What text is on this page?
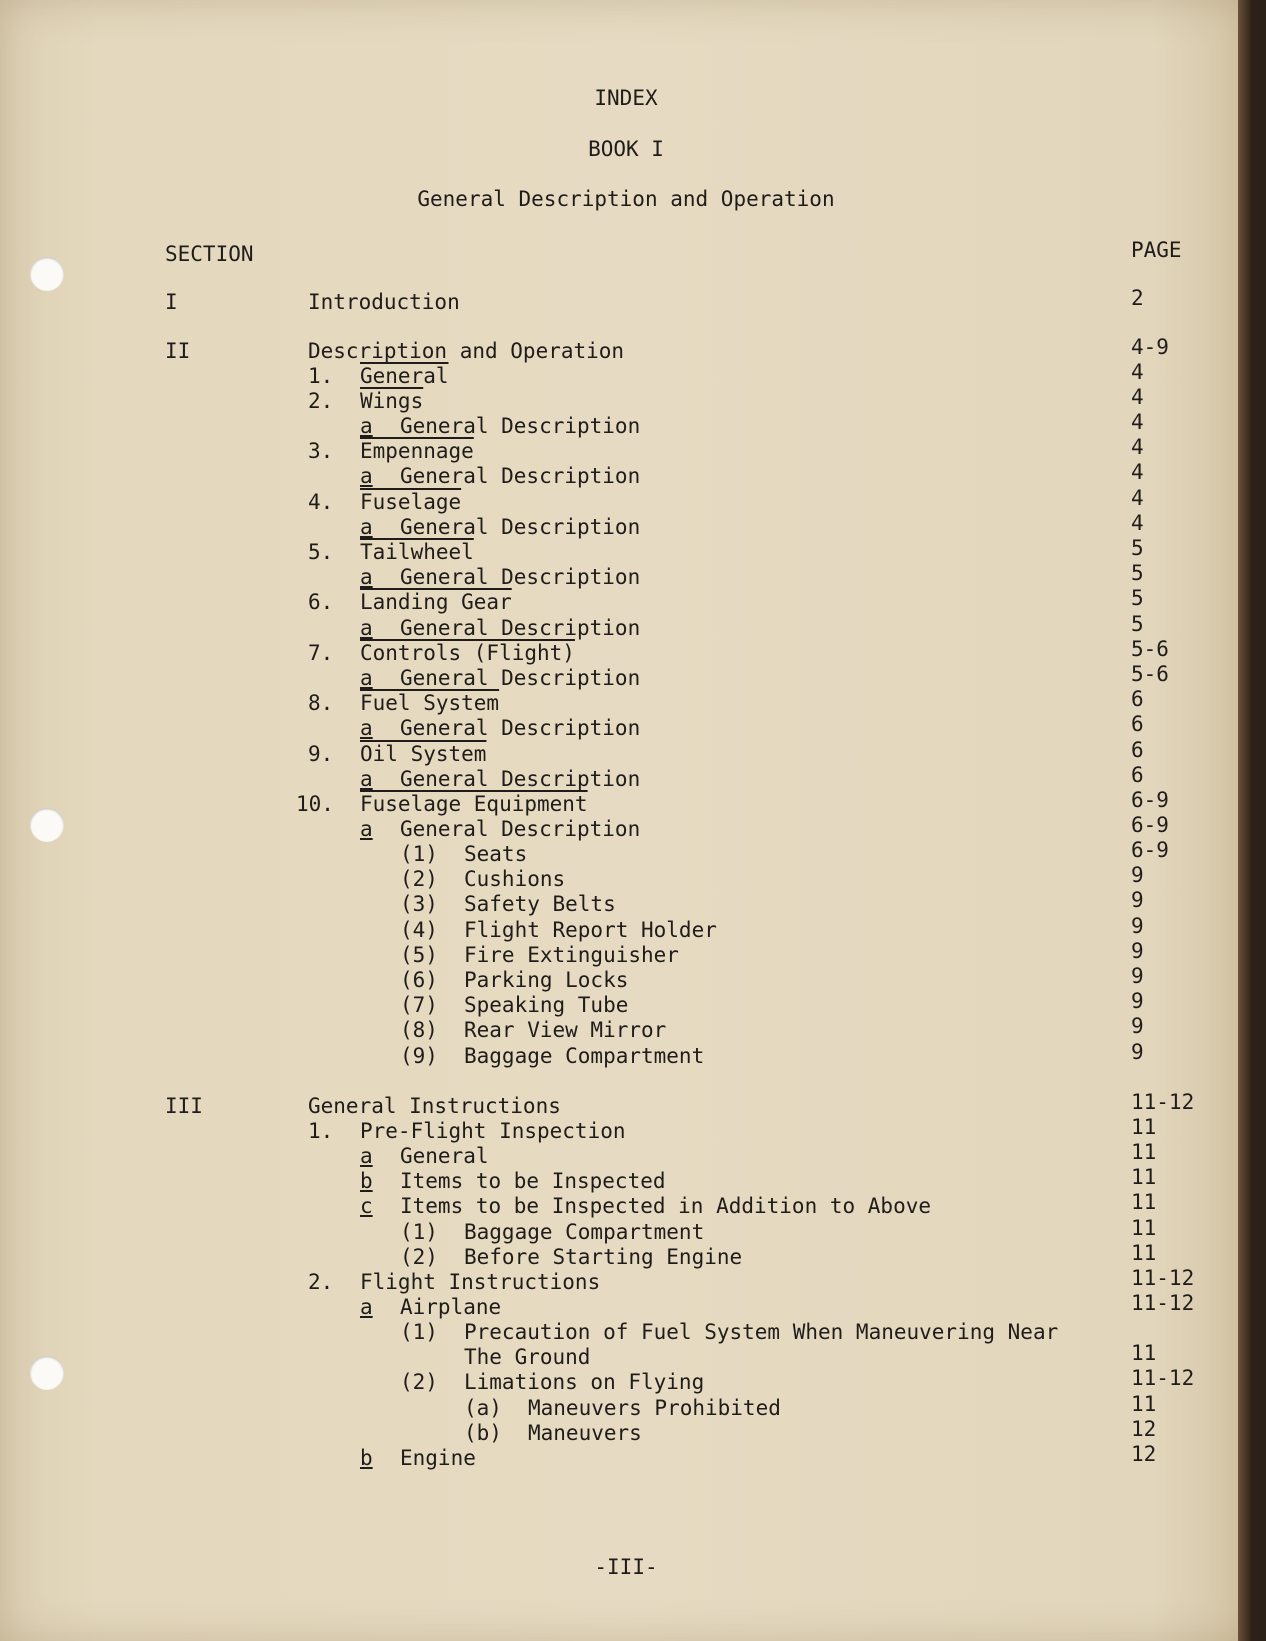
INDEX
BOOK I
General Description and Operation
SECTION	PAGE
I	Introduction	2
II	Description and Operation	4-9
1. General	4
2. Wings	4
a General Description	4
3. Empennage	4
a General Description	4
4. Fuselage	4
a General Description	4
5. Tailwheel	5
a General Description	5
6. Landing Gear	5
a General Description	5
7. Controls (Flight)	5-6
a General Description	5-6
8. Fuel System	6
a General Description	6
9. Oil System	6
a General Description	6
10. Fuselage Equipment	6-9
a General Description	6-9
(1) Seats	6-9
(2) Cushions	9
(3) Safety Belts	9
(4) Flight Report Holder	9
(5) Fire Extinguisher	9
(6) Parking Locks	9
(7) Speaking Tube	9
(8) Rear View Mirror	9
(9) Baggage Compartment	9
III	General Instructions	11-12
1. Pre-Flight Inspection	11
a General	11
b Items to be Inspected	11
c Items to be Inspected in Addition to Above	11
(1) Baggage Compartment	11
(2) Before Starting Engine	11
2. Flight Instructions	11-12
a Airplane	11-12
(1) Precaution of Fuel System When Maneuvering Near
The Ground	11
(2) Limations on Flying	11-12
(a) Maneuvers Prohibited	11
(b) Maneuvers	12
b Engine	12
-III-
